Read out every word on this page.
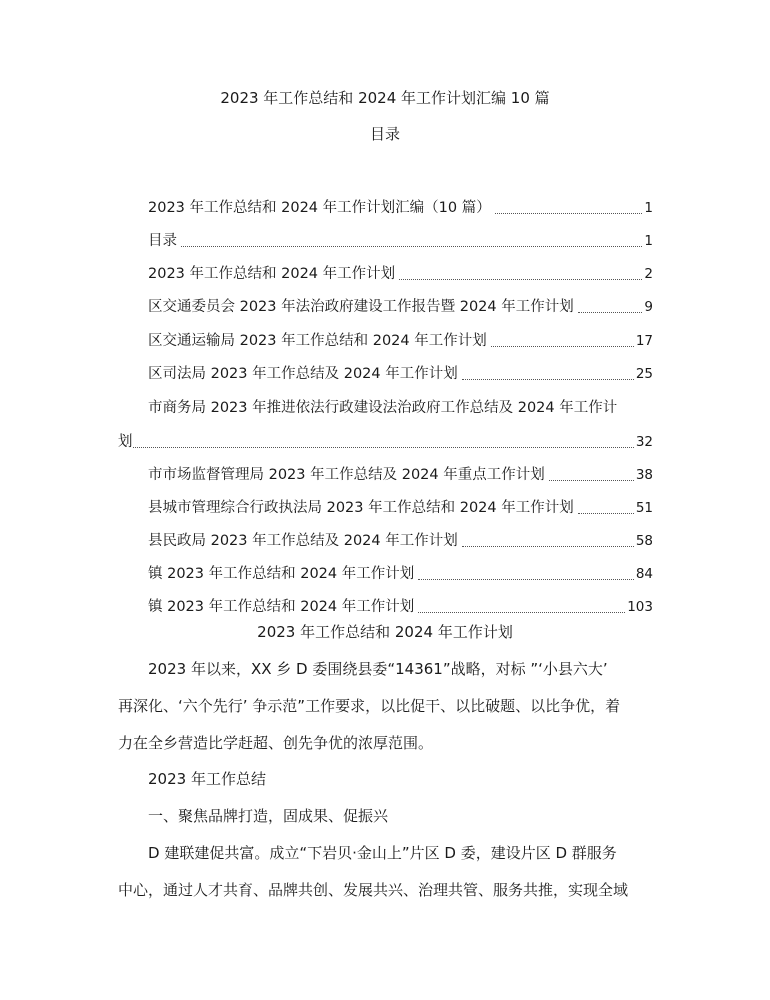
2023 年工作总结和 2024 年工作计划汇编 10 篇
目录
2023 年工作总结和 2024 年工作计划汇编（10 篇）	1
目录	1
2023 年工作总结和 2024 年工作计划	2
区交通委员会 2023 年法治政府建设工作报告暨 2024 年工作计划	9
区交通运输局 2023 年工作总结和 2024 年工作计划	17
区司法局 2023 年工作总结及 2024 年工作计划	25
市商务局 2023 年推进依法行政建设法治政府工作总结及 2024 年工作计
划	32
市市场监督管理局 2023 年工作总结及 2024 年重点工作计划	38
县城市管理综合行政执法局 2023 年工作总结和 2024 年工作计划	51
县民政局 2023 年工作总结及 2024 年工作计划	58
镇 2023 年工作总结和 2024 年工作计划	84
镇 2023 年工作总结和 2024 年工作计划	103
2023 年工作总结和 2024 年工作计划
2023 年以来，XX 乡 D 委围绕县委“14361”战略，对标 ”‘小县六大’
再深化、‘六个先行’ 争示范”工作要求，以比促干、以比破题、以比争优，着
力在全乡营造比学赶超、创先争优的浓厚范围。
2023 年工作总结
一、聚焦品牌打造，固成果、促振兴
D 建联建促共富。成立“下岩贝·金山上”片区 D 委，建设片区 D 群服务
中心，通过人才共育、品牌共创、发展共兴、治理共管、服务共推，实现全域
